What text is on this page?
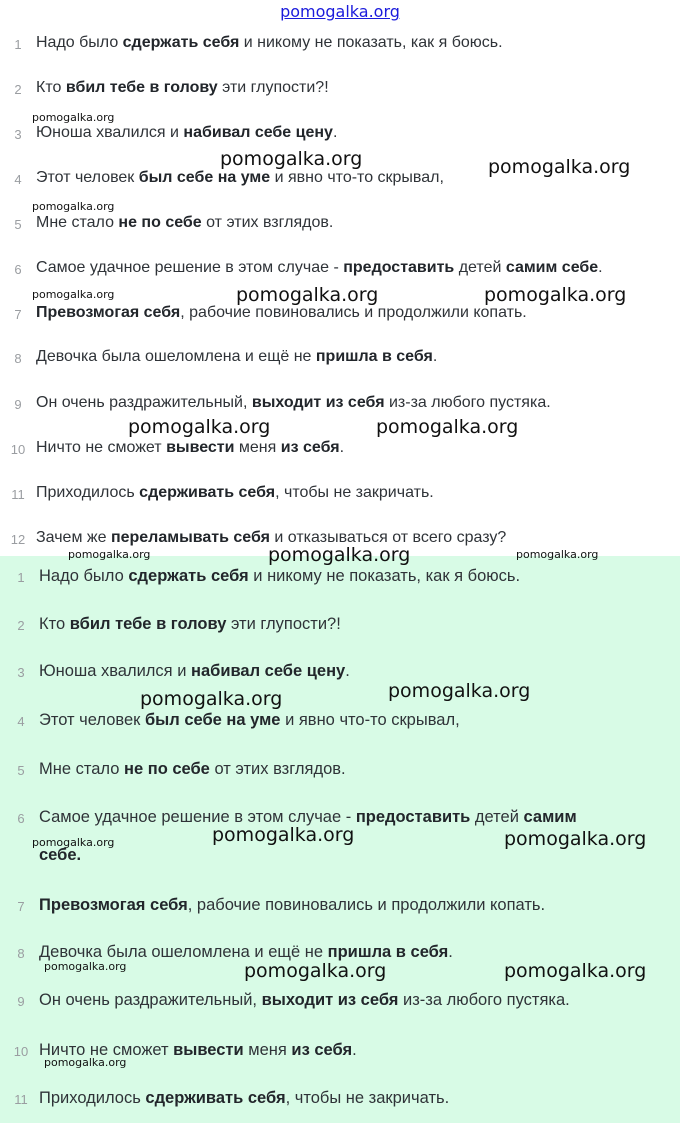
pomogalka.org
1 Надо было сдержать себя и никому не показать, как я боюсь.
2 Кто вбил тебе в голову эти глупости?!
3 Юноша хвалился и набивал себе цену.
4 Этот человек был себе на уме и явно что-то скрывал,
5 Мне стало не по себе от этих взглядов.
6 Самое удачное решение в этом случае - предоставить детей самим себе.
7 Превозмогая себя, рабочие повиновались и продолжили копать.
8 Девочка была ошеломлена и ещё не пришла в себя.
9 Он очень раздражительный, выходит из себя из-за любого пустяка.
10 Ничто не сможет вывести меня из себя.
11 Приходилось сдерживать себя, чтобы не закричать.
12 Зачем же переламывать себя и отказываться от всего сразу?
1 Надо было сдержать себя и никому не показать, как я боюсь.
2 Кто вбил тебе в голову эти глупости?!
3 Юноша хвалился и набивал себе цену.
4 Этот человек был себе на уме и явно что-то скрывал,
5 Мне стало не по себе от этих взглядов.
6 Самое удачное решение в этом случае - предоставить детей самим
себе.
7 Превозмогая себя, рабочие повиновались и продолжили копать.
8 Девочка была ошеломлена и ещё не пришла в себя.
9 Он очень раздражительный, выходит из себя из-за любого пустяка.
10 Ничто не сможет вывести меня из себя.
11 Приходилось сдерживать себя, чтобы не закричать.
pomogalka.org
pomogalka.org	pomogalka.org
pomogalka.org
pomogalka.org	pomogalka.org	pomogalka.org
pomogalka.org	pomogalka.org
pomogalka.org	pomogalka.org	pomogalka.org
pomogalka.org	pomogalka.org
pomogalka.org	pomogalka.org	pomogalka.org
pomogalka.org	pomogalka.org	pomogalka.org
pomogalka.org
